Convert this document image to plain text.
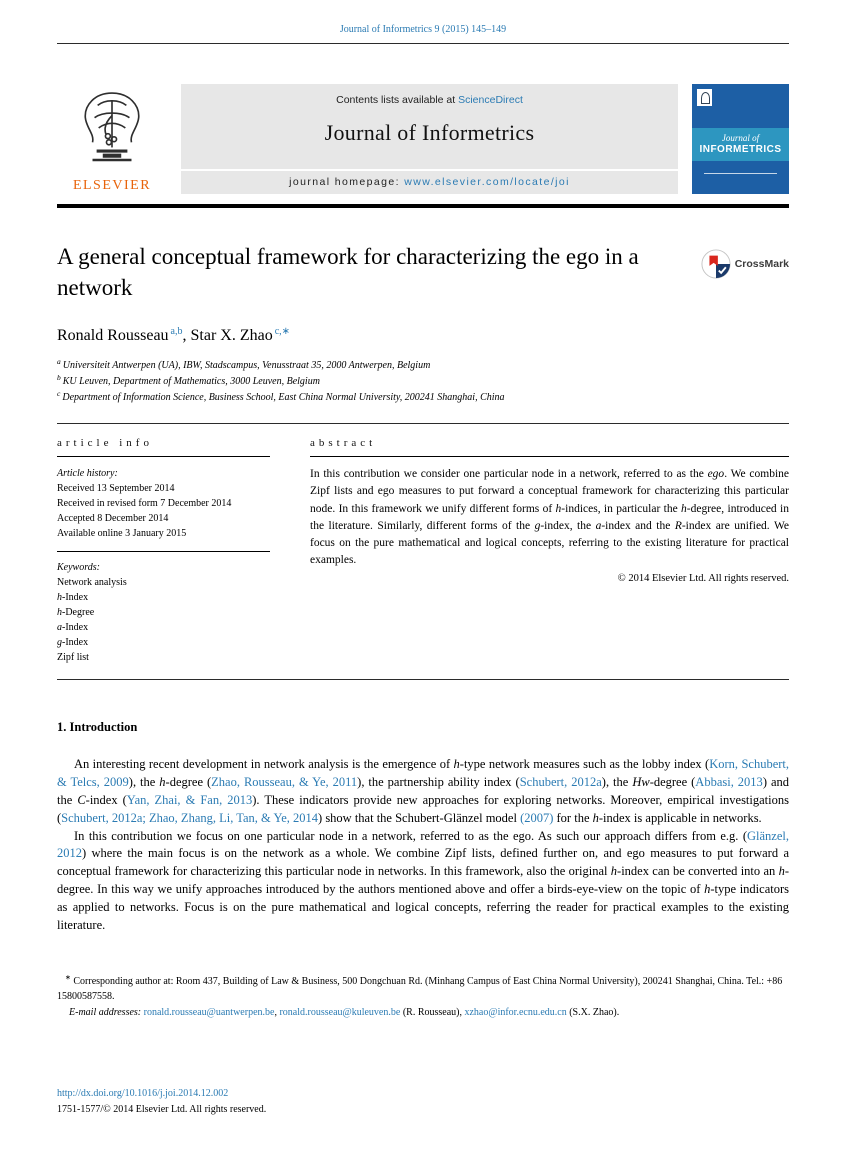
Journal of Informetrics 9 (2015) 145–149
ELSEVIER
Contents lists available at ScienceDirect
Journal of Informetrics
journal homepage: www.elsevier.com/locate/joi
Journal of
INFORMETRICS
A general conceptual framework for characterizing the ego in a network
CrossMark
Ronald Rousseau $^{a,b}$, Star X. Zhao $^{c,∗}$
$^a$ Universiteit Antwerpen (UA), IBW, Stadscampus, Venusstraat 35, 2000 Antwerpen, Belgium
$^b$ KU Leuven, Department of Mathematics, 3000 Leuven, Belgium
$^c$ Department of Information Science, Business School, East China Normal University, 200241 Shanghai, China
article info
Article history:
Received 13 September 2014
Received in revised form 7 December 2014
Accepted 8 December 2014
Available online 3 January 2015
Keywords:
Network analysis
h-Index
h-Degree
a-Index
g-Index
Zipf list
abstract

In this contribution we consider one particular node in a network, referred to as the ego. We combine Zipf lists and ego measures to put forward a conceptual framework for characterizing this particular node. In this framework we unify different forms of h-indices, in particular the h-degree, introduced in the literature. Similarly, different forms of the g-index, the a-index and the R-index are unified. We focus on the pure mathematical and logical concepts, referring to the existing literature for practical examples.

© 2014 Elsevier Ltd. All rights reserved.
1. Introduction

An interesting recent development in network analysis is the emergence of h-type network measures such as the lobby index (Korn, Schubert, & Telcs, 2009), the h-degree (Zhao, Rousseau, & Ye, 2011), the partnership ability index (Schubert, 2012a), the Hw-degree (Abbasi, 2013) and the C-index (Yan, Zhai, & Fan, 2013). These indicators provide new approaches for exploring networks. Moreover, empirical investigations (Schubert, 2012a; Zhao, Zhang, Li, Tan, & Ye, 2014) show that the Schubert-Glänzel model (2007) for the h-index is applicable in networks.

In this contribution we focus on one particular node in a network, referred to as the ego. As such our approach differs from e.g. (Glänzel, 2012) where the main focus is on the network as a whole. We combine Zipf lists, defined further on, and ego measures to put forward a conceptual framework for characterizing this particular node in networks. In this framework, also the original h-index can be converted into an h-degree. In this way we unify approaches introduced by the authors mentioned above and offer a birds-eye-view on the topic of h-type indicators as applied to networks. Focus is on the pure mathematical and logical concepts, referring the reader for practical examples to the existing literature.

∗ Corresponding author at: Room 437, Building of Law & Business, 500 Dongchuan Rd. (Minhang Campus of East China Normal University), 200241 Shanghai, China. Tel.: +86 15800587558.

E-mail addresses: ronald.rousseau@uantwerpen.be, ronald.rousseau@kuleuven.be (R. Rousseau), xzhao@infor.ecnu.edu.cn (S.X. Zhao).

http://dx.doi.org/10.1016/j.joi.2014.12.002
1751-1577/© 2014 Elsevier Ltd. All rights reserved.
